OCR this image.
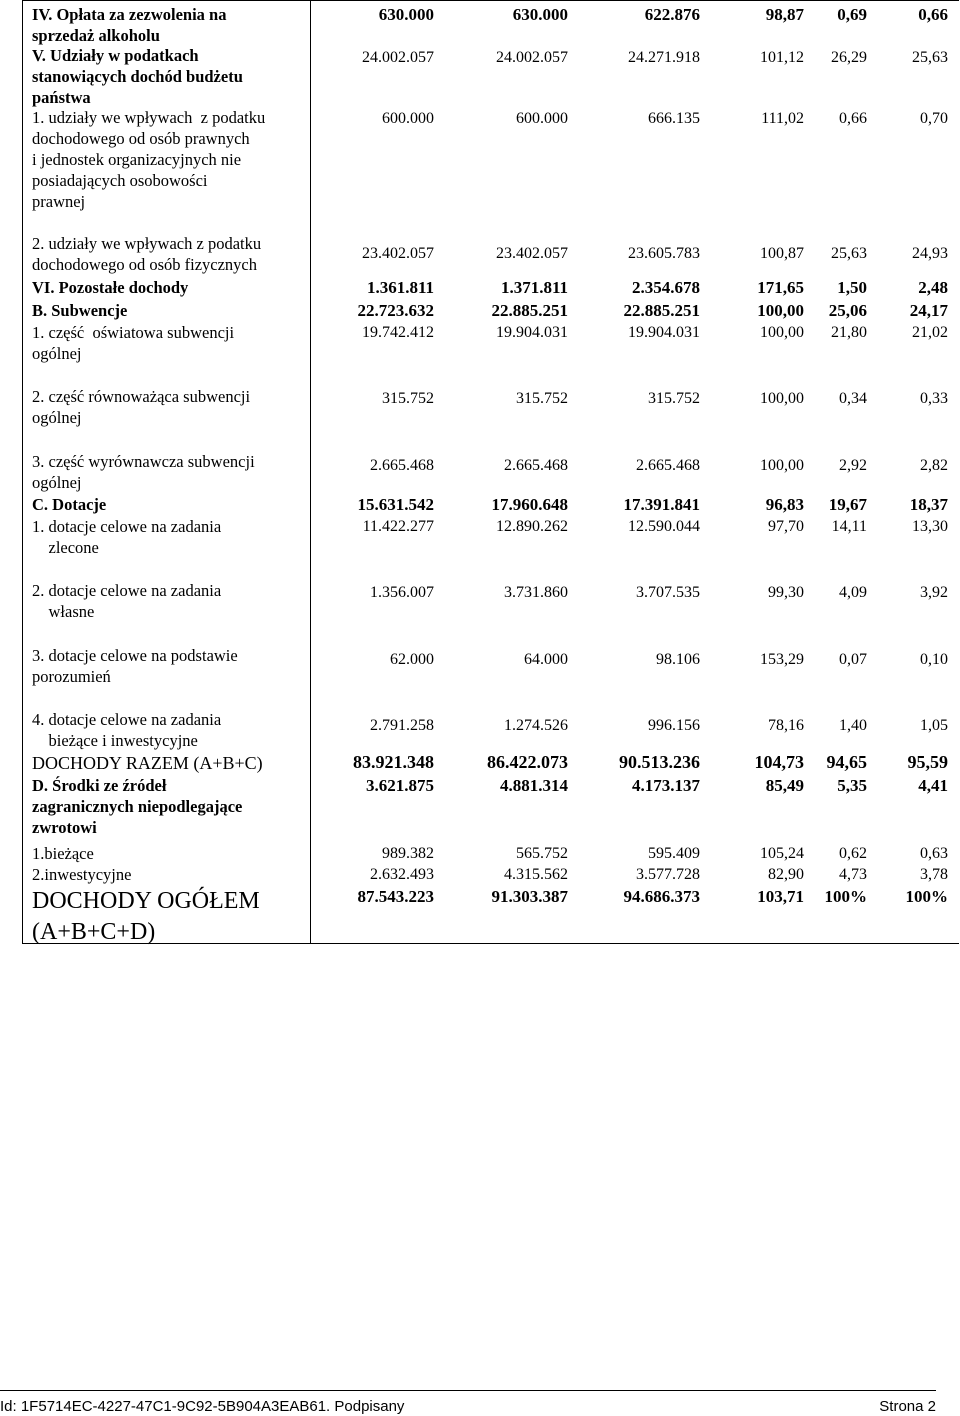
IV. Opłata za zezwolenia na
sprzedaż alkoholu
630.000	630.000	622.876	98,87	0,69	0,66
V. Udziały w podatkach
stanowiących dochód budżetu
państwa
24.002.057	24.002.057	24.271.918	101,12	26,29	25,63
1. udziały we wpływach  z podatku
dochodowego od osób prawnych
i jednostek organizacyjnych nie
posiadających osobowości
prawnej
600.000	600.000	666.135	111,02	0,66	0,70
2. udziały we wpływach z podatku
dochodowego od osób fizycznych
23.402.057	23.402.057	23.605.783	100,87	25,63	24,93
VI. Pozostałe dochody	1.361.811	1.371.811	2.354.678	171,65	1,50	2,48
B. Subwencje	22.723.632	22.885.251	22.885.251	100,00	25,06	24,17
1. część  oświatowa subwencji
ogólnej
19.742.412	19.904.031	19.904.031	100,00	21,80	21,02
2. część równoważąca subwencji
ogólnej
315.752	315.752	315.752	100,00	0,34	0,33
3. część wyrównawcza subwencji
ogólnej
2.665.468	2.665.468	2.665.468	100,00	2,92	2,82
C. Dotacje	15.631.542	17.960.648	17.391.841	96,83	19,67	18,37
1. dotacje celowe na zadania
zlecone
11.422.277	12.890.262	12.590.044	97,70	14,11	13,30
2. dotacje celowe na zadania
własne
1.356.007	3.731.860	3.707.535	99,30	4,09	3,92
3. dotacje celowe na podstawie
porozumień
62.000	64.000	98.106	153,29	0,07	0,10
4. dotacje celowe na zadania
bieżące i inwestycyjne
2.791.258	1.274.526	996.156	78,16	1,40	1,05
DOCHODY RAZEM (A+B+C)	83.921.348	86.422.073	90.513.236	104,73	94,65	95,59
D. Środki ze źródeł
zagranicznych niepodlegające
zwrotowi
3.621.875	4.881.314	4.173.137	85,49	5,35	4,41
1.bieżące	989.382	565.752	595.409	105,24	0,62	0,63
2.inwestycyjne	2.632.493	4.315.562	3.577.728	82,90	4,73	3,78
DOCHODY OGÓŁEM
(A+B+C+D)
87.543.223	91.303.387	94.686.373	103,71	100%	100%
Id: 1F5714EC-4227-47C1-9C92-5B904A3EAB61. Podpisany	Strona 2
